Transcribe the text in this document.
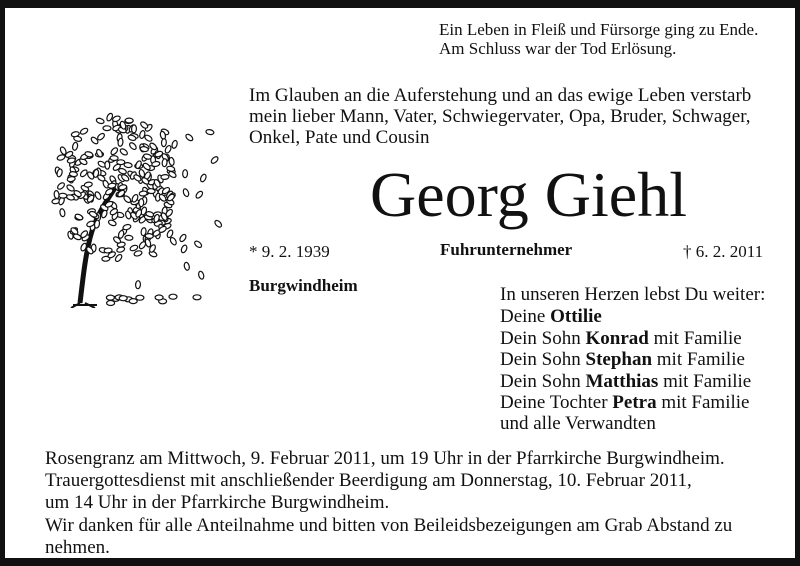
Ein Leben in Fleiß und Fürsorge ging zu Ende.
Am Schluss war der Tod Erlösung.
Im Glauben an die Auferstehung und an das ewige Leben verstarb
mein lieber Mann, Vater, Schwiegervater, Opa, Bruder, Schwager,
Onkel, Pate und Cousin
Georg Giehl
* 9. 2. 1939	Fuhrunternehmer	† 6. 2. 2011
Burgwindheim	In unseren Herzen lebst Du weiter:
Deine Ottilie
Dein Sohn Konrad mit Familie
Dein Sohn Stephan mit Familie
Dein Sohn Matthias mit Familie
Deine Tochter Petra mit Familie
und alle Verwandten
Rosengranz am Mittwoch, 9. Februar 2011, um 19 Uhr in der Pfarrkirche Burgwindheim.
Trauergottesdienst mit anschließender Beerdigung am Donnerstag, 10. Februar 2011,
um 14 Uhr in der Pfarrkirche Burgwindheim.
Wir danken für alle Anteilnahme und bitten von Beileidsbezeigungen am Grab Abstand zu
nehmen.
